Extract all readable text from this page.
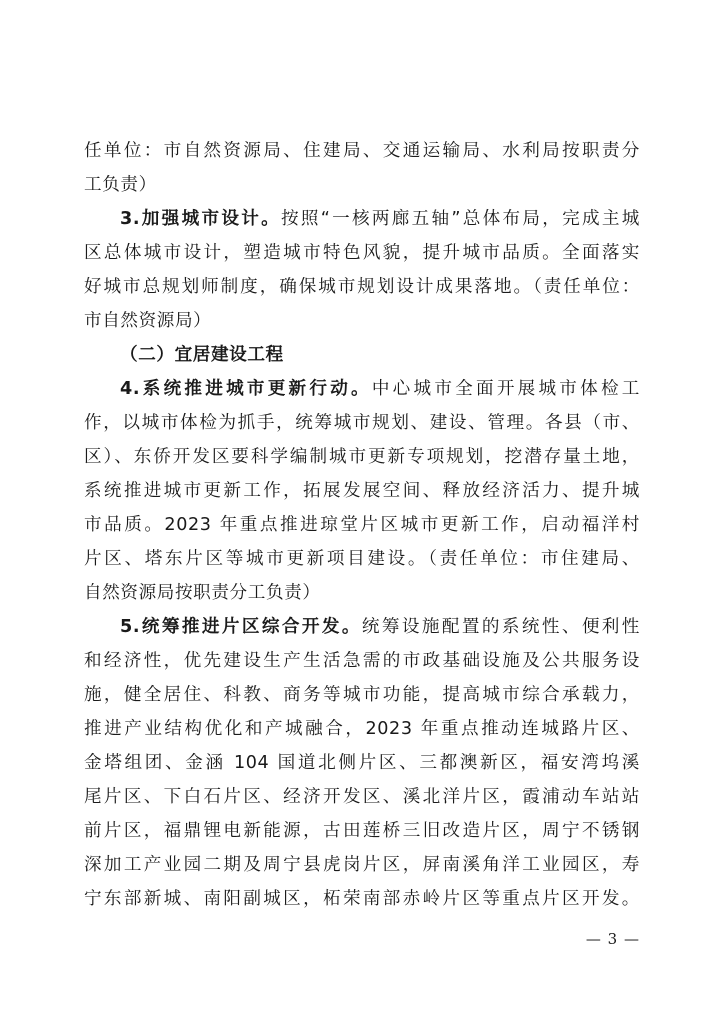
任单位：市自然资源局、住建局、交通运输局、水利局按职责分
工负责）
3.加强城市设计。按照“一核两廊五轴”总体布局，完成主城
区总体城市设计，塑造城市特色风貌，提升城市品质。全面落实
好城市总规划师制度，确保城市规划设计成果落地。（责任单位：
市自然资源局）
（二）宜居建设工程
4.系统推进城市更新行动。中心城市全面开展城市体检工
作，以城市体检为抓手，统筹城市规划、建设、管理。各县（市、
区）、东侨开发区要科学编制城市更新专项规划，挖潜存量土地，
系统推进城市更新工作，拓展发展空间、释放经济活力、提升城
市品质。2023 年重点推进琼堂片区城市更新工作，启动福洋村
片区、塔东片区等城市更新项目建设。（责任单位：市住建局、
自然资源局按职责分工负责）
5.统筹推进片区综合开发。统筹设施配置的系统性、便利性
和经济性，优先建设生产生活急需的市政基础设施及公共服务设
施，健全居住、科教、商务等城市功能，提高城市综合承载力，
推进产业结构优化和产城融合，2023 年重点推动连城路片区、
金塔组团、金涵 104 国道北侧片区、三都澳新区，福安湾坞溪
尾片区、下白石片区、经济开发区、溪北洋片区，霞浦动车站站
前片区，福鼎锂电新能源，古田莲桥三旧改造片区，周宁不锈钢
深加工产业园二期及周宁县虎岗片区，屏南溪角洋工业园区，寿
宁东部新城、南阳副城区，柘荣南部赤岭片区等重点片区开发。
— 3 —
